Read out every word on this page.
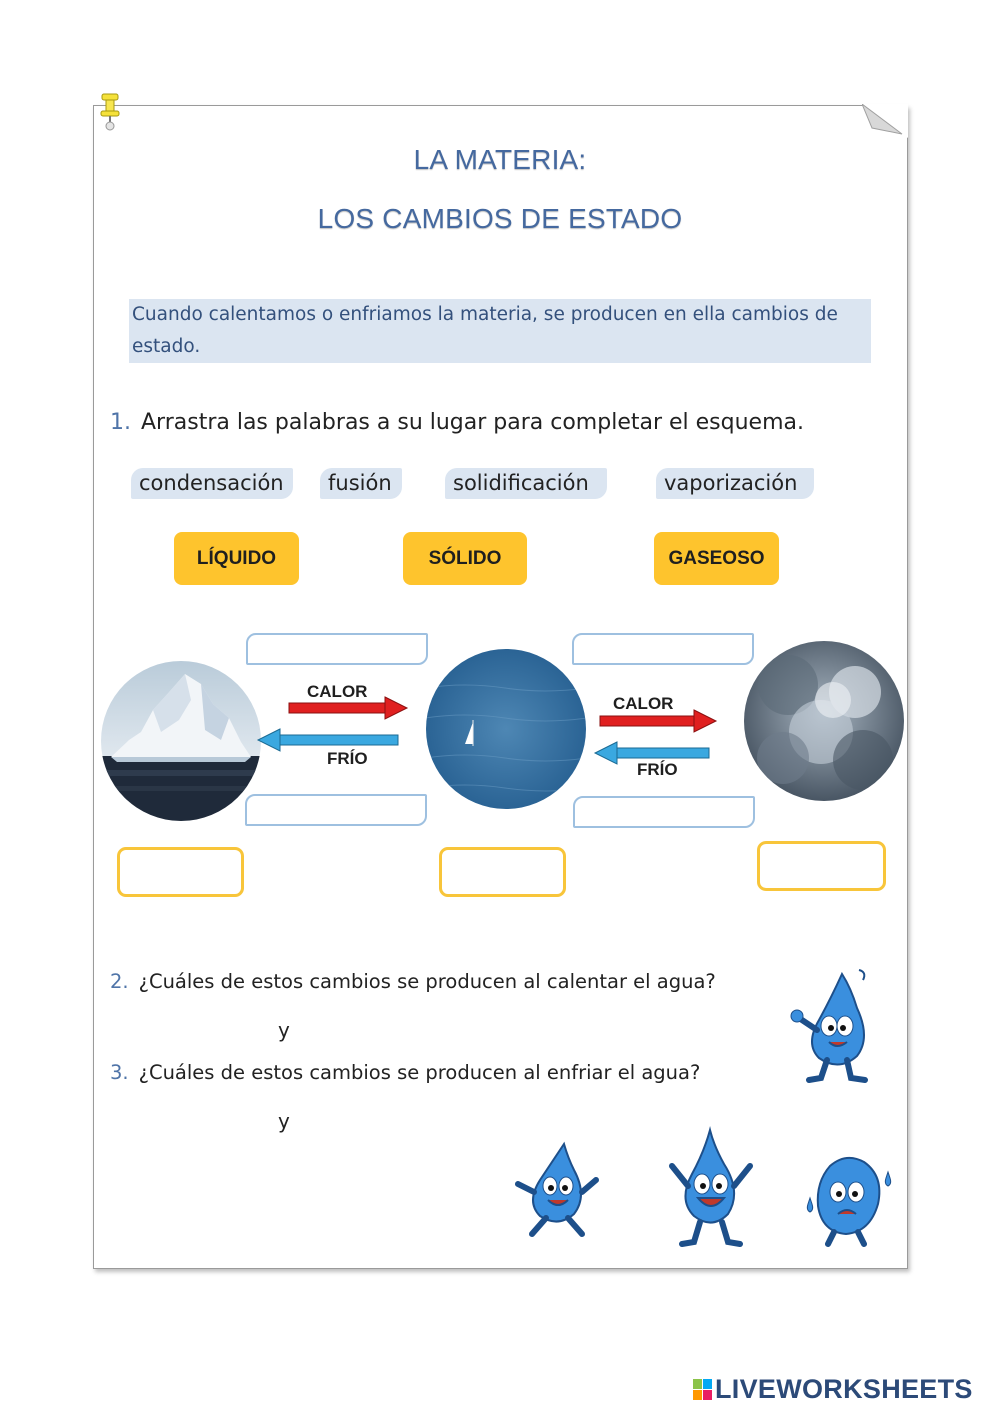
LA MATERIA:
LOS CAMBIOS DE ESTADO
Cuando calentamos o enfriamos la materia, se producen en ella cambios de estado.
1. Arrastra las palabras a su lugar para completar el esquema.
condensación	fusión	solidificación	vaporización
LÍQUIDO	SÓLIDO	GASEOSO
CALOR
FRÍO
CALOR
FRÍO
2. ¿Cuáles de estos cambios se producen al calentar el agua?
y
3. ¿Cuáles de estos cambios se producen al enfriar el agua?
y
LIVEWORKSHEETS
